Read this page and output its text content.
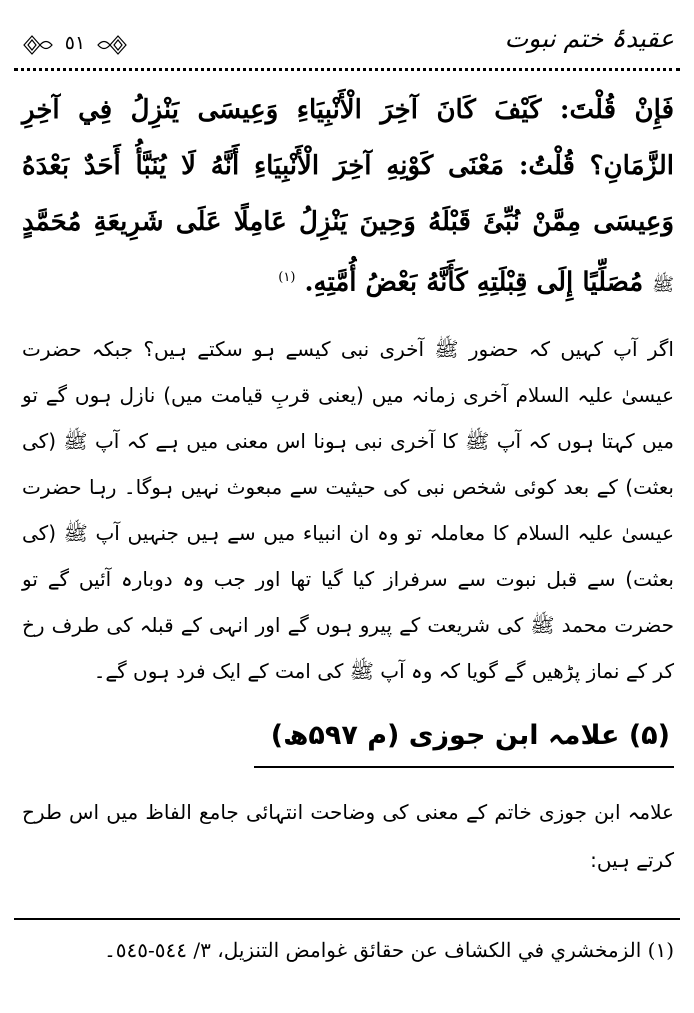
عقیدۂ ختم نبوت
٥١
فَإِنْ قُلْتَ: كَيْفَ كَانَ آخِرَ الْأَنْبِيَاءِ وَعِيسَى يَنْزِلُ فِي آخِرِ الزَّمَانِ؟ قُلْتُ: مَعْنَى كَوْنِهِ آخِرَ الْأَنْبِيَاءِ أَنَّهُ لَا يُنَبَّأُ أَحَدٌ بَعْدَهُ وَعِيسَى مِمَّنْ نُبِّئَ قَبْلَهُ وَحِينَ يَنْزِلُ عَامِلًا عَلَى شَرِيعَةِ مُحَمَّدٍ ﷺ مُصَلِّيًا إِلَى قِبْلَتِهِ كَأَنَّهُ بَعْضُ أُمَّتِهِ. $^{(١)}$
اگر آپ کہیں کہ حضور ﷺ آخری نبی کیسے ہو سکتے ہیں؟ جبکہ حضرت عیسیٰ علیہ السلام آخری زمانہ میں (یعنی قربِ قیامت میں) نازل ہوں گے تو میں کہتا ہوں کہ آپ ﷺ کا آخری نبی ہونا اس معنی میں ہے کہ آپ ﷺ (کی بعثت) کے بعد کوئی شخص نبی کی حیثیت سے مبعوث نہیں ہوگا۔ رہا حضرت عیسیٰ علیہ السلام کا معاملہ تو وہ ان انبیاء میں سے ہیں جنہیں آپ ﷺ (کی بعثت) سے قبل نبوت سے سرفراز کیا گیا تھا اور جب وہ دوبارہ آئیں گے تو حضرت محمد ﷺ کی شریعت کے پیرو ہوں گے اور انہی کے قبلہ کی طرف رخ کر کے نماز پڑھیں گے گویا کہ وہ آپ ﷺ کی امت کے ایک فرد ہوں گے۔
(۵) علامہ ابن جوزی (م ۵۹۷ھ)
علامہ ابن جوزی خاتم کے معنی کی وضاحت انتہائی جامع الفاظ میں اس طرح کرتے ہیں:
(١) الزمخشري في الكشاف عن حقائق غوامض التنزيل، ٣/ ٥٤٤-٥٤٥۔
